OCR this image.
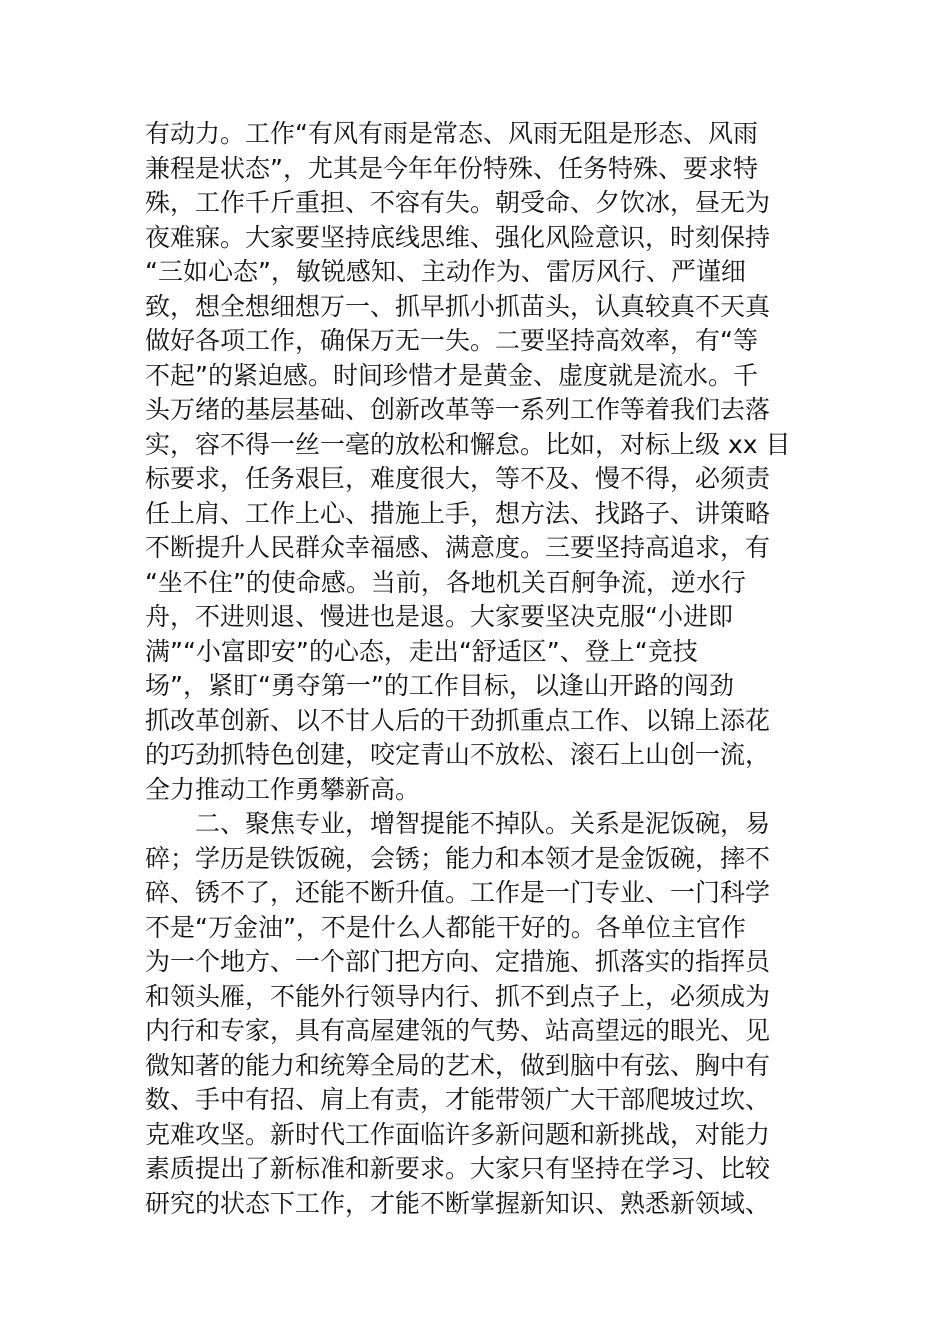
有动力。工作“有风有雨是常态、风雨无阻是形态、风雨
兼程是状态”，尤其是今年年份特殊、任务特殊、要求特
殊，工作千斤重担、不容有失。朝受命、夕饮冰，昼无为
夜难寐。大家要坚持底线思维、强化风险意识，时刻保持
“三如心态”，敏锐感知、主动作为、雷厉风行、严谨细
致，想全想细想万一、抓早抓小抓苗头，认真较真不天真
做好各项工作，确保万无一失。二要坚持高效率，有“等
不起”的紧迫感。时间珍惜才是黄金、虚度就是流水。千
头万绪的基层基础、创新改革等一系列工作等着我们去落
实，容不得一丝一毫的放松和懈怠。比如，对标上级 xx 目
标要求，任务艰巨，难度很大，等不及、慢不得，必须责
任上肩、工作上心、措施上手，想方法、找路子、讲策略
不断提升人民群众幸福感、满意度。三要坚持高追求，有
“坐不住”的使命感。当前，各地机关百舸争流，逆水行
舟，不进则退、慢进也是退。大家要坚决克服“小进即
满”“小富即安”的心态，走出“舒适区”、登上“竞技
场”，紧盯“勇夺第一”的工作目标，以逢山开路的闯劲
抓改革创新、以不甘人后的干劲抓重点工作、以锦上添花
的巧劲抓特色创建，咬定青山不放松、滚石上山创一流，
全力推动工作勇攀新高。
　　二、聚焦专业，增智提能不掉队。关系是泥饭碗，易
碎；学历是铁饭碗，会锈；能力和本领才是金饭碗，摔不
碎、锈不了，还能不断升值。工作是一门专业、一门科学
不是“万金油”，不是什么人都能干好的。各单位主官作
为一个地方、一个部门把方向、定措施、抓落实的指挥员
和领头雁，不能外行领导内行、抓不到点子上，必须成为
内行和专家，具有高屋建瓴的气势、站高望远的眼光、见
微知著的能力和统筹全局的艺术，做到脑中有弦、胸中有
数、手中有招、肩上有责，才能带领广大干部爬坡过坎、
克难攻坚。新时代工作面临许多新问题和新挑战，对能力
素质提出了新标准和新要求。大家只有坚持在学习、比较
研究的状态下工作，才能不断掌握新知识、熟悉新领域、
